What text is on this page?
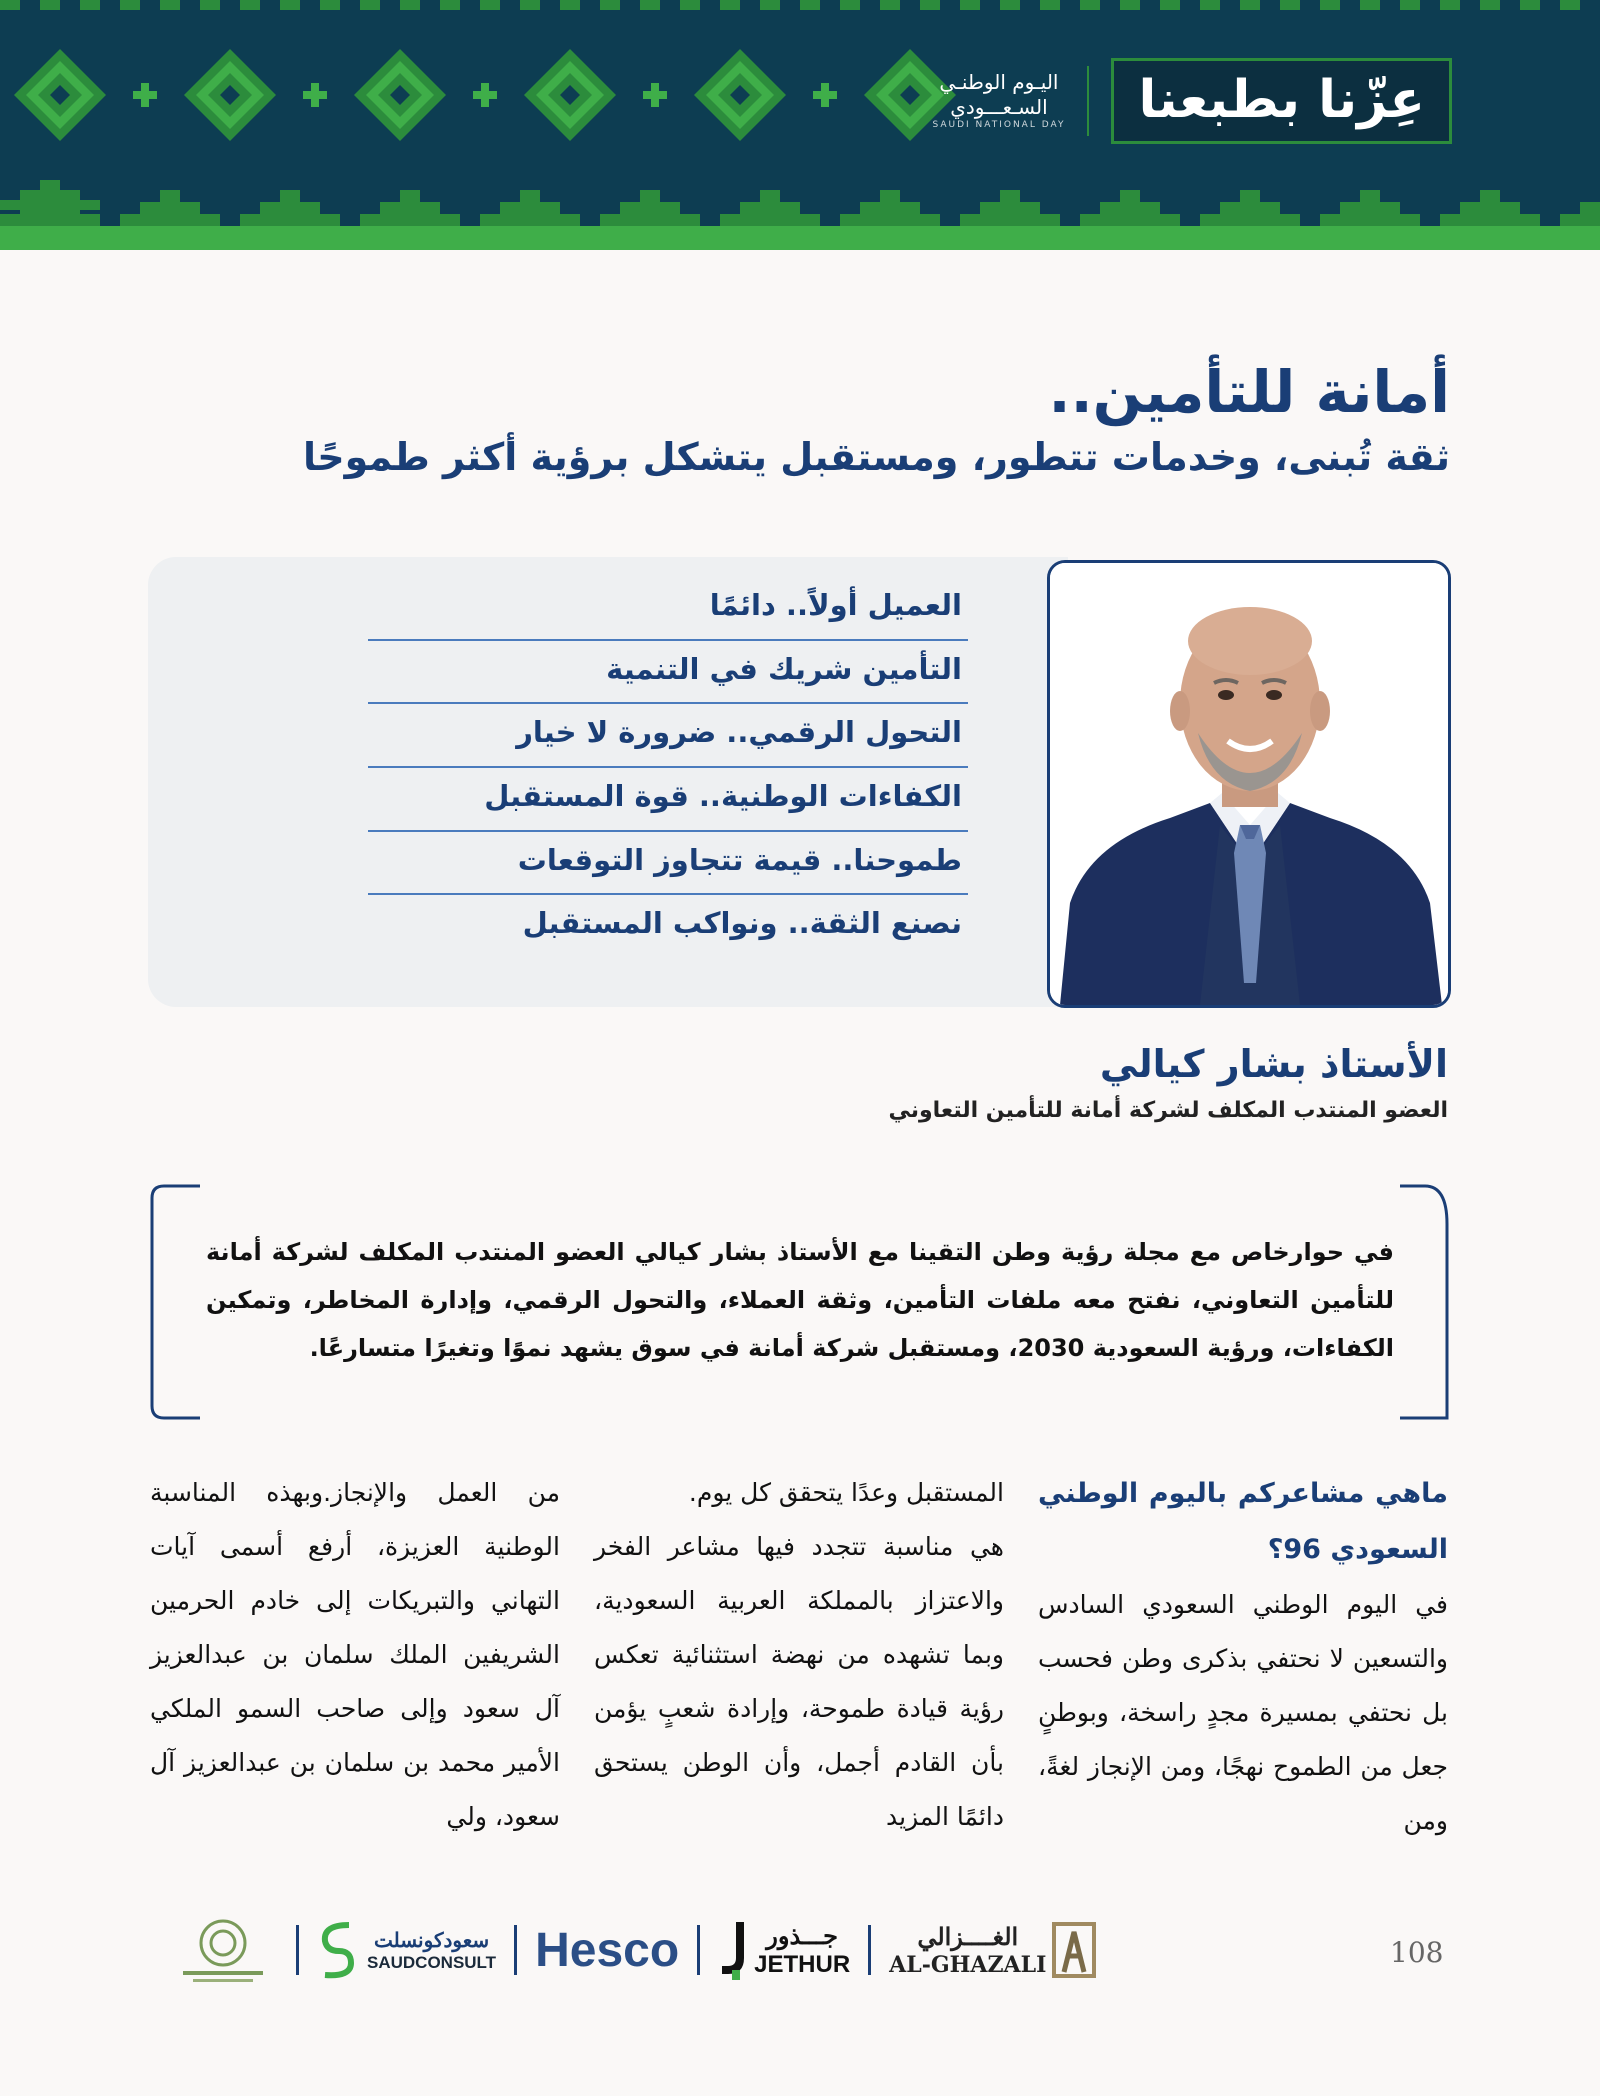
عِزّنا بطبعنا
اليـوم الوطنـي
السـعـــودي
SAUDI NATIONAL DAY
أمانة للتأمين..
ثقة تُبنى، وخدمات تتطور، ومستقبل يتشكل برؤية أكثر طموحًا
العميل أولاً.. دائمًا
التأمين شريك في التنمية
التحول الرقمي.. ضرورة لا خيار
الكفاءات الوطنية.. قوة المستقبل
طموحنا.. قيمة تتجاوز التوقعات
نصنع الثقة.. ونواكب المستقبل
الأستاذ بشار كيالي

العضو المنتدب المكلف لشركة أمانة للتأمين التعاوني

في حوارخاص مع مجلة رؤية وطن التقينا مع الأستاذ بشار كيالي العضو المنتدب المكلف لشركة أمانة للتأمين التعاوني، نفتح معه ملفات التأمين، وثقة العملاء، والتحول الرقمي، وإدارة المخاطر، وتمكين الكفاءات، ورؤية السعودية 2030، ومستقبل شركة أمانة في سوق يشهد نموًا وتغيرًا متسارعًا.

ماهي مشاعركم باليوم الوطني السعودي 96؟

في اليوم الوطني السعودي السادس والتسعين لا نحتفي بذكرى وطن فحسب بل نحتفي بمسيرة مجدٍ راسخة، وبوطنٍ جعل من الطموح نهجًا، ومن الإنجاز لغةً، ومن

المستقبل وعدًا يتحقق كل يوم.

هي مناسبة تتجدد فيها مشاعر الفخر والاعتزاز بالمملكة العربية السعودية، وبما تشهده من نهضة استثنائية تعكس رؤية قيادة طموحة، وإرادة شعبٍ يؤمن بأن القادم أجمل، وأن الوطن يستحق دائمًا المزيد

من العمل والإنجاز.وبهذه المناسبة الوطنية العزيزة، أرفع أسمى آيات التهاني والتبريكات إلى خادم الحرمين الشريفين الملك سلمان بن عبدالعزيز آل سعود وإلى صاحب السمو الملكي الأمير محمد بن سلمان بن عبدالعزيز آل سعود، ولي

سعودكونسلت
SAUDCONSULT Hesco	جـــذور
JETHUR
الغــــزالي
AL-GHAZALI	108
